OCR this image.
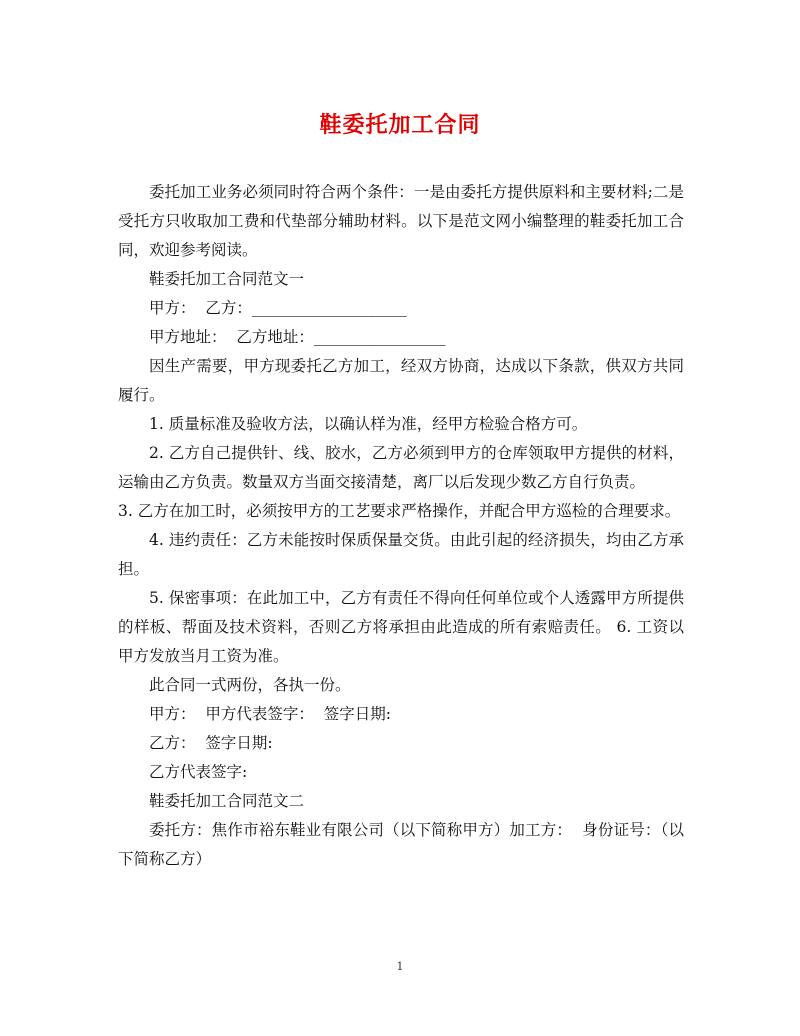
鞋委托加工合同

委托加工业务必须同时符合两个条件：一是由委托方提供原料和主要材料;二是受托方只收取加工费和代垫部分辅助材料。以下是范文网小编整理的鞋委托加工合同，欢迎参考阅读。

鞋委托加工合同范文一

甲方：  乙方：____________________

甲方地址：  乙方地址：_________________

因生产需要，甲方现委托乙方加工，经双方协商，达成以下条款，供双方共同履行。

1. 质量标准及验收方法，以确认样为准，经甲方检验合格方可。

2. 乙方自己提供针、线、胶水，乙方必须到甲方的仓库领取甲方提供的材料，运输由乙方负责。数量双方当面交接清楚，离厂以后发现少数乙方自行负责。

3. 乙方在加工时，必须按甲方的工艺要求严格操作，并配合甲方巡检的合理要求。

4. 违约责任：乙方未能按时保质保量交货。由此引起的经济损失，均由乙方承担。

5. 保密事项：在此加工中，乙方有责任不得向任何单位或个人透露甲方所提供的样板、帮面及技术资料，否则乙方将承担由此造成的所有索赔责任。 6. 工资以甲方发放当月工资为准。

此合同一式两份，各执一份。

甲方：  甲方代表签字：  签字日期:

乙方：  签字日期:

乙方代表签字:

鞋委托加工合同范文二

委托方：焦作市裕东鞋业有限公司（以下简称甲方）加工方：  身份证号：（以下简称乙方）

1
